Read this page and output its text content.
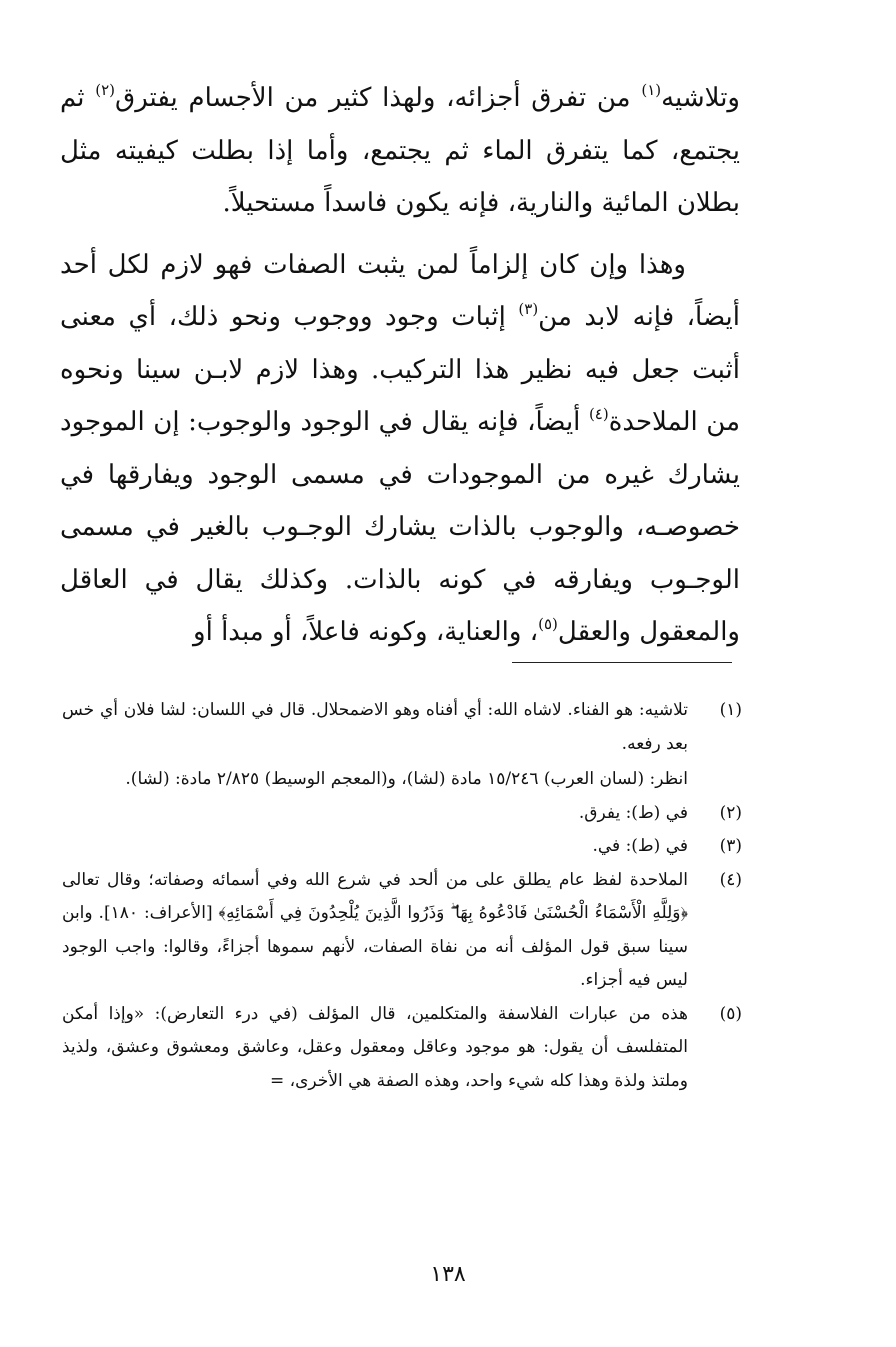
وتلاشيه$^{(١)}$ من تفرق أجزائه، ولهذا كثير من الأجسام يفترق$^{(٢)}$ ثم يجتمع، كما يتفرق الماء ثم يجتمع، وأما إذا بطلت كيفيته مثل بطلان المائية والنارية، فإنه يكون فاسداً مستحيلاً.

وهذا وإن كان إلزاماً لمن يثبت الصفات فهو لازم لكل أحد أيضاً، فإنه لابد من$^{(٣)}$ إثبات وجود ووجوب ونحو ذلك، أي معنى أثبت جعل فيه نظير هذا التركيب. وهذا لازم لابـن سينا ونحوه من الملاحدة$^{(٤)}$ أيضاً، فإنه يقال في الوجود والوجوب: إن الموجود يشارك غيره من الموجودات في مسمى الوجود ويفارقها في خصوصـه، والوجوب بالذات يشارك الوجـوب بالغير في مسمى الوجـوب ويفارقه في كونه بالذات. وكذلك يقال في العاقل والمعقول والعقل$^{(٥)}$، والعناية، وكونه فاعلاً، أو مبدأ أو

(١)
تلاشيه: هو الفناء. لاشاه الله: أي أفناه وهو الاضمحلال. قال في اللسان: لشا فلان أي خس بعد رفعه.
انظر: (لسان العرب) ١٥/٢٤٦ مادة (لشا)، و(المعجم الوسيط) ٢/٨٢٥ مادة: (لشا).
(٢)
في (ط): يفرق.
(٣)
في (ط): في.
(٤)
الملاحدة لفظ عام يطلق على من ألحد في شرع الله وفي أسمائه وصفاته؛ وقال تعالى ﴿وَلِلَّهِ الْأَسْمَاءُ الْحُسْنَىٰ فَادْعُوهُ بِهَا ۖ وَذَرُوا الَّذِينَ يُلْحِدُونَ فِي أَسْمَائِهِ﴾ [الأعراف: ١٨٠]. وابن سينا سبق قول المؤلف أنه من نفاة الصفات، لأنهم سموها أجزاءً، وقالوا: واجب الوجود ليس فيه أجزاء.
(٥)
هذه من عبارات الفلاسفة والمتكلمين، قال المؤلف (في درء التعارض): «وإذا أمكن المتفلسف أن يقول: هو موجود وعاقل ومعقول وعقل، وعاشق ومعشوق وعشق، ولذيذ وملتذ ولذة وهذا كله شيء واحد، وهذه الصفة هي الأخرى، =
١٣٨
